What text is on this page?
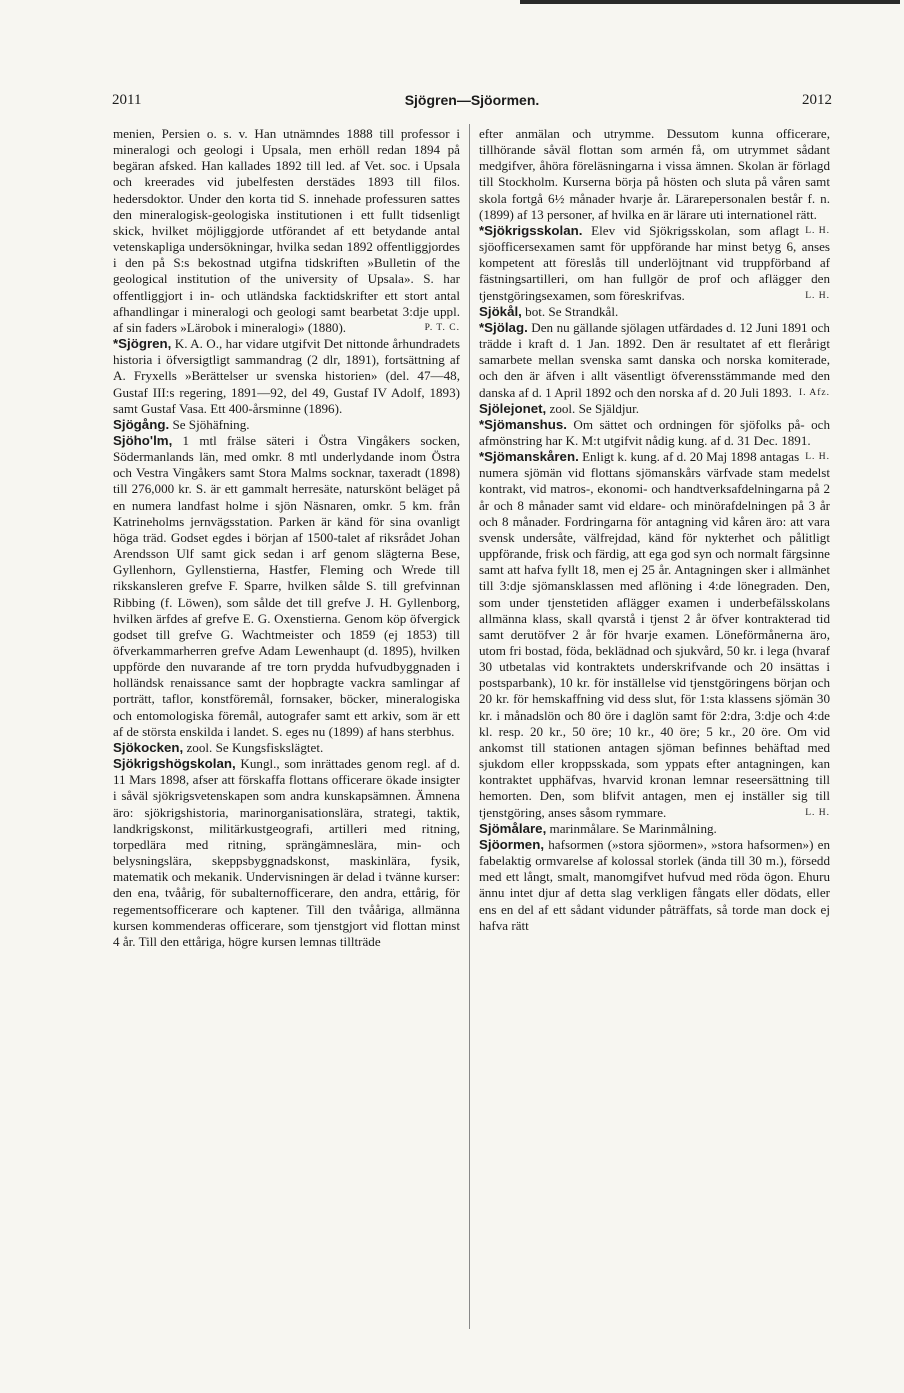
2011	Sjögren—Sjöormen.	2012

menien, Persien o. s. v. Han utnämndes 1888 till professor i mineralogi och geologi i Upsala, men erhöll redan 1894 på begäran afsked. Han kallades 1892 till led. af Vet. soc. i Upsala och kreerades vid jubelfesten derstädes 1893 till filos. hedersdoktor. Under den korta tid S. innehade professuren sattes den mineralogisk-geologiska institutionen i ett fullt tidsenligt skick, hvilket möjliggjorde utförandet af ett betydande antal vetenskapliga undersökningar, hvilka sedan 1892 offentliggjordes i den på S:s bekostnad utgifna tidskriften »Bulletin of the geological institution of the university of Upsala». S. har offentliggjort i in- och utländska facktidskrifter ett stort antal afhandlingar i mineralogi och geologi samt bearbetat 3:dje uppl. af sin faders »Lärobok i mineralogi» (1880).	P. T. C.

*Sjögren, K. A. O., har vidare utgifvit Det nittonde århundradets historia i öfversigtligt sammandrag (2 dlr, 1891), fortsättning af A. Fryxells »Berättelser ur svenska historien» (del. 47—48, Gustaf III:s regering, 1891—92, del 49, Gustaf IV Adolf, 1893) samt Gustaf Vasa. Ett 400-årsminne (1896).

Sjögång. Se Sjöhäfning.

Sjöho'lm, 1 mtl frälse säteri i Östra Vingåkers socken, Södermanlands län, med omkr. 8 mtl underlydande inom Östra och Vestra Vingåkers samt Stora Malms socknar, taxeradt (1898) till 276,000 kr. S. är ett gammalt herresäte, naturskönt beläget på en numera landfast holme i sjön Näsnaren, omkr. 5 km. från Katrineholms jernvägsstation. Parken är känd för sina ovanligt höga träd. Godset egdes i början af 1500-talet af riksrådet Johan Arendsson Ulf samt gick sedan i arf genom slägterna Bese, Gyllenhorn, Gyllenstierna, Hastfer, Fleming och Wrede till rikskansleren grefve F. Sparre, hvilken sålde S. till grefvinnan Ribbing (f. Löwen), som sålde det till grefve J. H. Gyllenborg, hvilken ärfdes af grefve E. G. Oxenstierna. Genom köp öfvergick godset till grefve G. Wachtmeister och 1859 (ej 1853) till öfverkammarherren grefve Adam Lewenhaupt (d. 1895), hvilken uppförde den nuvarande af tre torn prydda hufvudbyggnaden i holländsk renaissance samt der hopbragte vackra samlingar af porträtt, taflor, konstföremål, fornsaker, böcker, mineralogiska och entomologiska föremål, autografer samt ett arkiv, som är ett af de största enskilda i landet. S. eges nu (1899) af hans sterbhus.

Sjökocken, zool. Se Kungsfiskslägtet.

Sjökrigshögskolan, Kungl., som inrättades genom regl. af d. 11 Mars 1898, afser att förskaffa flottans officerare ökade insigter i såväl sjökrigsvetenskapen som andra kunskapsämnen. Ämnena äro: sjökrigshistoria, marinorganisationslära, strategi, taktik, landkrigskonst, militärkustgeografi, artilleri med ritning, torpedlära med ritning, sprängämneslära, min- och belysningslära, skeppsbyggnadskonst, maskinlära, fysik, matematik och mekanik. Undervisningen är delad i tvänne kurser: den ena, tvåårig, för subalternofficerare, den andra, ettårig, för regementsofficerare och kaptener. Till den tvååriga, allmänna kursen kommenderas officerare, som tjenstgjort vid flottan minst 4 år. Till den ettåriga, högre kursen lemnas tillträde

efter anmälan och utrymme. Dessutom kunna officerare, tillhörande såväl flottan som armén få, om utrymmet sådant medgifver, åhöra föreläsningarna i vissa ämnen. Skolan är förlagd till Stockholm. Kurserna börja på hösten och sluta på våren samt skola fortgå 6½ månader hvarje år. Lärarepersonalen består f. n. (1899) af 13 personer, af hvilka en är lärare uti internationel rätt.
L. H.

*Sjökrigsskolan. Elev vid Sjökrigsskolan, som aflagt sjöofficersexamen samt för uppförande har minst betyg 6, anses kompetent att föreslås till underlöjtnant vid truppförband af fästningsartilleri, om han fullgör de prof och aflägger den tjenstgöringsexamen, som föreskrifvas.	L. H.

Sjökål, bot. Se Strandkål.

*Sjölag. Den nu gällande sjölagen utfärdades d. 12 Juni 1891 och trädde i kraft d. 1 Jan. 1892. Den är resultatet af ett flerårigt samarbete mellan svenska samt danska och norska komiterade, och den är äfven i allt väsentligt öfverensstämmande med den danska af d. 1 April 1892 och den norska af d. 20 Juli 1893. I. Afz.

Sjölejonet, zool. Se Själdjur.

*Sjömanshus. Om sättet och ordningen för sjöfolks på- och afmönstring har K. M:t utgifvit nådig kung. af d. 31 Dec. 1891.
L. H.

*Sjömanskåren. Enligt k. kung. af d. 20 Maj 1898 antagas numera sjömän vid flottans sjömanskårs värfvade stam medelst kontrakt, vid matros-, ekonomi- och handtverksafdelningarna på 2 år och 8 månader samt vid eldare- och minörafdelningen på 3 år och 8 månader. Fordringarna för antagning vid kåren äro: att vara svensk undersåte, välfrejdad, känd för nykterhet och pålitligt uppförande, frisk och färdig, att ega god syn och normalt färgsinne samt att hafva fyllt 18, men ej 25 år. Antagningen sker i allmänhet till 3:dje sjömansklassen med aflöning i 4:de lönegraden. Den, som under tjenstetiden aflägger examen i underbefälsskolans allmänna klass, skall qvarstå i tjenst 2 år öfver kontrakterad tid samt derutöfver 2 år för hvarje examen. Löneförmånerna äro, utom fri bostad, föda, beklädnad och sjukvård, 50 kr. i lega (hvaraf 30 utbetalas vid kontraktets underskrifvande och 20 insättas i postsparbank), 10 kr. för inställelse vid tjenstgöringens början och 20 kr. för hemskaffning vid dess slut, för 1:sta klassens sjömän 30 kr. i månadslön och 80 öre i daglön samt för 2:dra, 3:dje och 4:de kl. resp. 20 kr., 50 öre; 10 kr., 40 öre; 5 kr., 20 öre. Om vid ankomst till stationen antagen sjöman befinnes behäftad med sjukdom eller kroppsskada, som yppats efter antagningen, kan kontraktet upphäfvas, hvarvid kronan lemnar reseersättning till hemorten. Den, som blifvit antagen, men ej inställer sig till tjenstgöring, anses såsom rymmare.	L. H.

Sjömålare, marinmålare. Se Marinmålning.

Sjöormen, hafsormen (»stora sjöormen», »stora hafsormen») en fabelaktig ormvarelse af kolossal storlek (ända till 30 m.), försedd med ett långt, smalt, manomgifvet hufvud med röda ögon. Ehuru ännu intet djur af detta slag verkligen fångats eller dödats, eller ens en del af ett sådant vidunder påträffats, så torde man dock ej hafva rätt
